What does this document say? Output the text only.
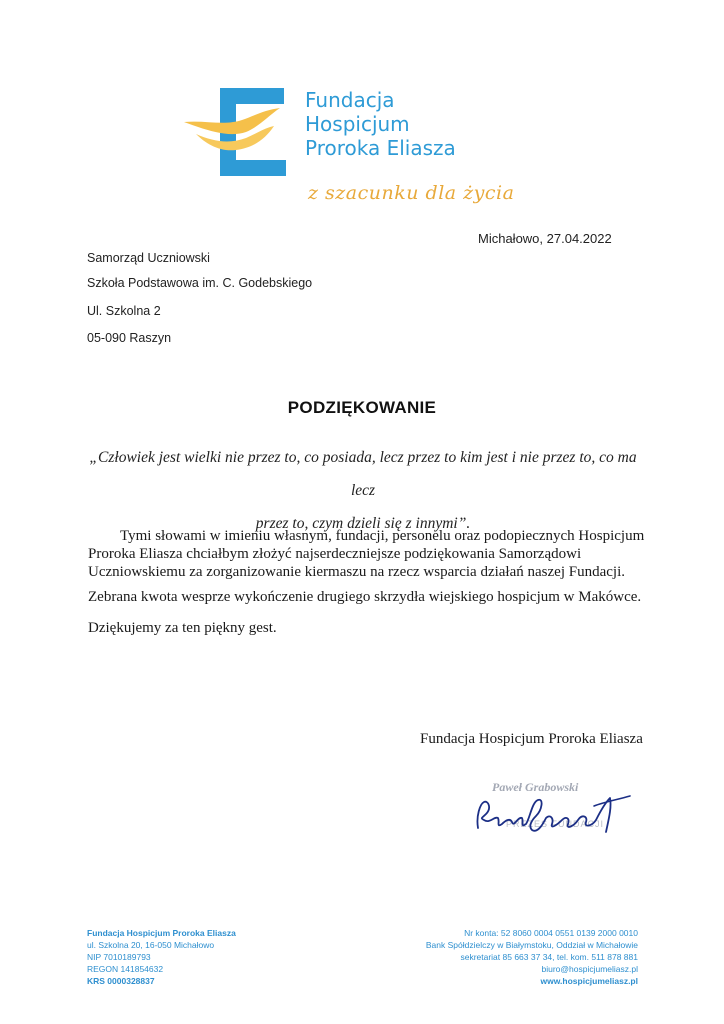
Fundacja
Hospicjum
Proroka Eliasza
z szacunku dla życia
Michałowo, 27.04.2022
Samorząd Uczniowski
Szkoła Podstawowa im. C. Godebskiego
Ul. Szkolna 2
05-090 Raszyn
PODZIĘKOWANIE
„Człowiek jest wielki nie przez to, co posiada, lecz przez to kim jest i nie przez to, co ma lecz
przez to, czym dzieli się z innymi”.
Tymi słowami w imieniu własnym, fundacji, personelu oraz podopiecznych Hospicjum Proroka Eliasza chciałbym złożyć najserdeczniejsze podziękowania Samorządowi Uczniowskiemu za zorganizowanie kiermaszu na rzecz wsparcia działań naszej Fundacji.
Zebrana kwota wesprze wykończenie drugiego skrzydła wiejskiego hospicjum w Makówce.
Dziękujemy za ten piękny gest.
Fundacja Hospicjum Proroka Eliasza
Paweł Grabowski
PREZES FUNDACJI
Fundacja Hospicjum Proroka Eliasza
ul. Szkolna 20, 16-050 Michałowo
NIP 7010189793
REGON 141854632
KRS 0000328837
Nr konta: 52 8060 0004 0551 0139 2000 0010
Bank Spółdzielczy w Białymstoku, Oddział w Michałowie
sekretariat 85 663 37 34, tel. kom. 511 878 881
biuro@hospicjumeliasz.pl
www.hospicjumeliasz.pl
